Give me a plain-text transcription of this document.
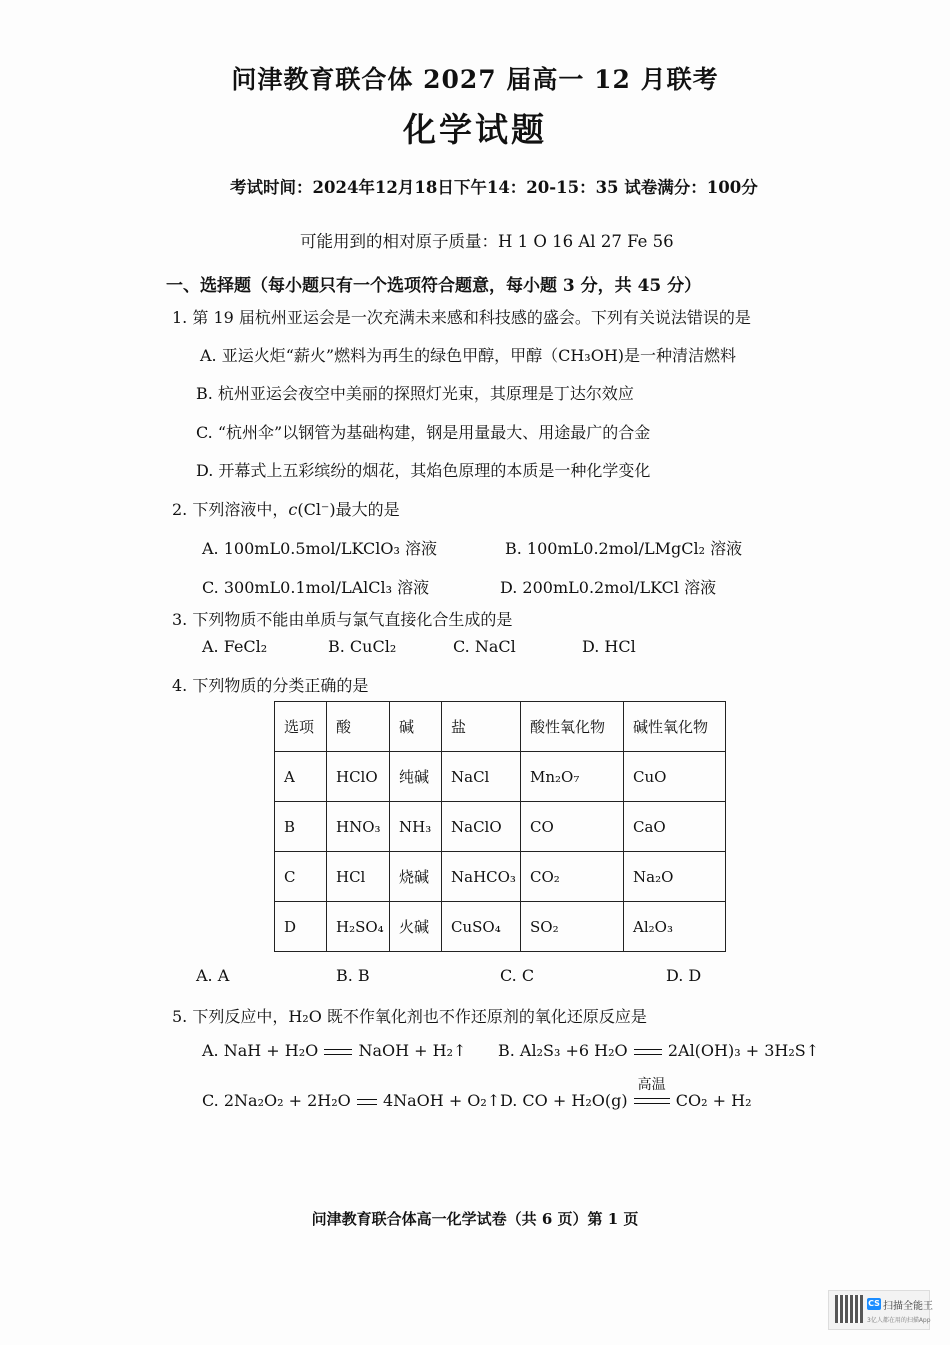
问津教育联合体 2027 届高一 12 月联考
化学试题
考试时间：2024年12月18日下午14：20-15：35 试卷满分：100分
可能用到的相对原子质量：H 1 O 16 Al 27 Fe 56
一、选择题（每小题只有一个选项符合题意，每小题 3 分，共 45 分）
1. 第 19 届杭州亚运会是一次充满未来感和科技感的盛会。下列有关说法错误的是
A. 亚运火炬“薪火”燃料为再生的绿色甲醇，甲醇（CH₃OH)是一种清洁燃料
B. 杭州亚运会夜空中美丽的探照灯光束，其原理是丁达尔效应
C. “杭州伞”以钢管为基础构建，钢是用量最大、用途最广的合金
D. 开幕式上五彩缤纷的烟花，其焰色原理的本质是一种化学变化
2. 下列溶液中，c(Cl⁻)最大的是
A. 100mL0.5mol/LKClO₃ 溶液	B. 100mL0.2mol/LMgCl₂ 溶液
C. 300mL0.1mol/LAlCl₃ 溶液	D. 200mL0.2mol/LKCl 溶液
3. 下列物质不能由单质与氯气直接化合生成的是
A. FeCl₂	B. CuCl₂	C. NaCl	D. HCl
4. 下列物质的分类正确的是
选项	酸	碱	盐	酸性氧化物	碱性氧化物
A	HClO	纯碱	NaCl	Mn₂O₇	CuO
B	HNO₃	NH₃	NaClO	CO	CaO
C	HCl	烧碱	NaHCO₃	CO₂	Na₂O
D	H₂SO₄	火碱	CuSO₄	SO₂	Al₂O₃
A. A	B. B	C. C	D. D
5. 下列反应中，H₂O 既不作氧化剂也不作还原剂的氧化还原反应是
A. NaH + H₂O	NaOH + H₂↑ B. Al₂S₃ +6 H₂O	2Al(OH)₃ + 3H₂S↑
C. 2Na₂O₂ + 2H₂O 4NaOH + O₂↑ D. CO + H₂O(g)
高温
CO₂ + H₂
问津教育联合体高一化学试卷（共 6 页）第 1 页
CS 扫描全能王
3亿人都在用的扫描App
